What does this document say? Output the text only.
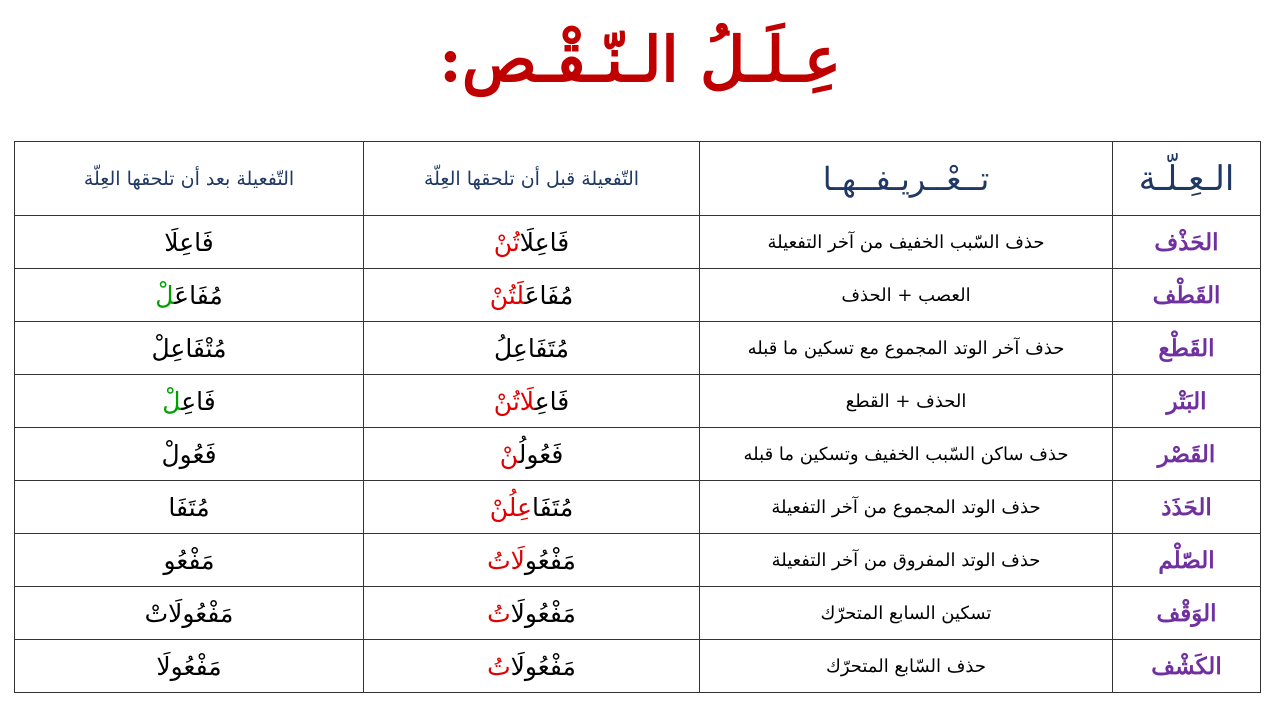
عِـلَـلُ الـنّـقْـص:
الـعِـلّـة	تــعْــريـفــهـا	التّفعيلة قبل أن تلحقها العِلّة	التّفعيلة بعد أن تلحقها العِلّة
الحَذْف	حذف السّبب الخفيف من آخر التفعيلة	فَاعِلَاتُنْ	فَاعِلَا
القَطْف	العصب + الحذف	مُفَاعَلَتُنْ	مُفَاعَلْ
القَطْع	حذف آخر الوتد المجموع مع تسكين ما قبله	مُتَفَاعِلُ	مُتْفَاعِلْ
البَتْر	الحذف + القطع	فَاعِلَاتُنْ	فَاعِلْ
القَصْر	حذف ساكن السّبب الخفيف وتسكين ما قبله	فَعُولُنْ	فَعُولْ
الحَذَذ	حذف الوتد المجموع من آخر التفعيلة	مُتَفَاعِلُنْ	مُتَفَا
الصّلْم	حذف الوتد المفروق من آخر التفعيلة	مَفْعُولَاتُ	مَفْعُو
الوَقْف	تسكين السابع المتحرّك	مَفْعُولَاتُ	مَفْعُولَاتْ
الكَشْف	حذف السّابع المتحرّك	مَفْعُولَاتُ	مَفْعُولَا
